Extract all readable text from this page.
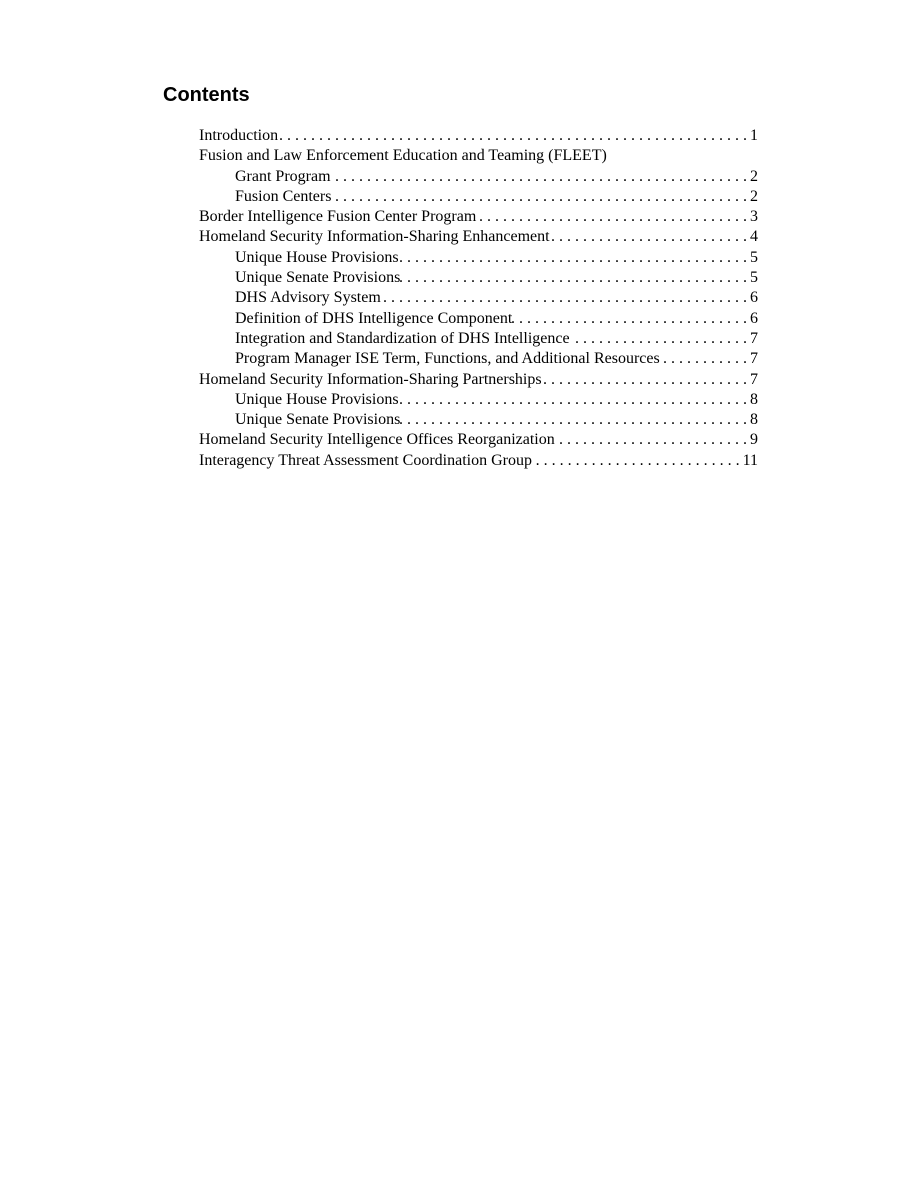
Contents
Introduction . . .	1
Fusion and Law Enforcement Education and Teaming (FLEET)
Grant Program . . .	2
Fusion Centers . . .	2
Border Intelligence Fusion Center Program . . .	3
Homeland Security Information-Sharing Enhancement . . .	4
Unique House Provisions . . .	5
Unique Senate Provisions . . .	5
DHS Advisory System . . .	6
Definition of DHS Intelligence Component . . .	6
Integration and Standardization of DHS Intelligence . . .	7
Program Manager ISE Term, Functions, and Additional Resources . . .	7
Homeland Security Information-Sharing Partnerships . . .	7
Unique House Provisions . . .	8
Unique Senate Provisions . . .	8
Homeland Security Intelligence Offices Reorganization . . .	9
Interagency Threat Assessment Coordination Group . . .	11
